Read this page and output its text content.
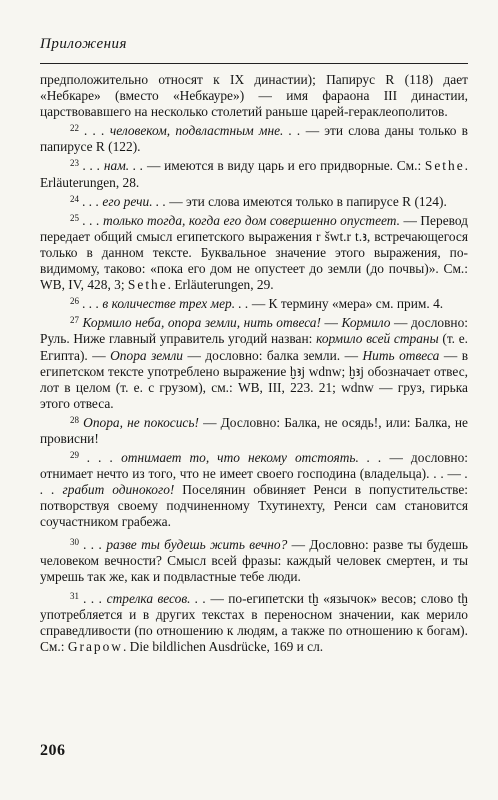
Приложения

предположительно относят к IX династии); Папирус R (118) дает «Небкаре» (вместо «Небкауре») — имя фараона III династии, царствовавшего на несколько столетий раньше царей-гераклеополитов.

$^{22}$ . . . человеком, подвластным мне. . . — эти слова даны только в папирусе R (122).

$^{23}$ . . . нам. . . — имеются в виду царь и его придворные. См.: Sethe. Erläuterungen, 28.

$^{24}$ . . . его речи. . . — эти слова имеются только в папирусе R (124).

$^{25}$ . . . только тогда, когда его дом совершенно опустеет. — Перевод передает общий смысл египетского выражения r šwt.r t.ꜣ, встречающегося только в данном тексте. Буквальное значение этого выражения, по-видимому, таково: «пока его дом не опустеет до земли (до почвы)». См.: WB, IV, 428, 3; Sethe. Erläuterungen, 29.

$^{26}$ . . . в количестве трех мер. . . — К термину «мера» см. прим. 4.

$^{27}$ Кормило неба, опора земли, нить отвеса! — Кормило — дословно: Руль. Ниже главный управитель угодий назван: кормило всей страны (т. е. Египта). — Опора земли — дословно: балка земли. — Нить отвеса — в египетском тексте употреблено выражение ḫꜣj wdnw; ḫꜣj обозначает отвес, лот в целом (т. е. с грузом), см.: WB, III, 223. 21; wdnw — груз, гирька этого отвеса.

$^{28}$ Опора, не покосись! — Дословно: Балка, не осядь!, или: Балка, не провисни!

$^{29}$ . . . отнимает то, что некому отстоять. . . — дословно: отнимает нечто из того, что не имеет своего господина (владельца). . . — . . . грабит одинокого! Поселянин обвиняет Ренси в попустительстве: потворствуя своему подчиненному Тхутинехту, Ренси сам становится соучастником грабежа.

$^{30}$ . . . разве ты будешь жить вечно? — Дословно: разве ты будешь человеком вечности? Смысл всей фразы: каждый человек смертен, и ты умрешь так же, как и подвластные тебе люди.

$^{31}$ . . . стрелка весов. . . — по-египетски tḫ «язычок» весов; слово tḫ употребляется и в других текстах в переносном значении, как мерило справедливости (по отношению к людям, а также по отношению к богам). См.: Grapow. Die bildlichen Ausdrücke, 169 и сл.

206
